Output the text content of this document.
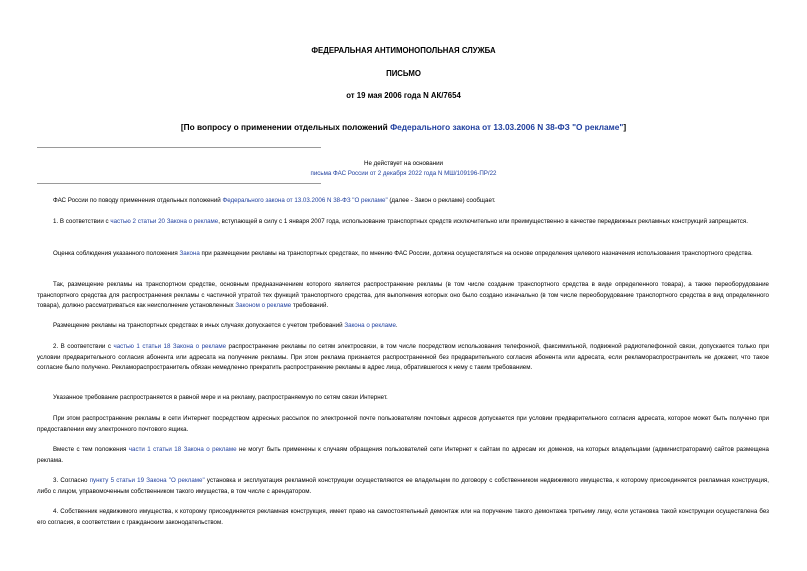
ФЕДЕРАЛЬНАЯ АНТИМОНОПОЛЬНАЯ СЛУЖБА
ПИСЬМО
от 19 мая 2006 года N АК/7654
[По вопросу о применении отдельных положений Федерального закона от 13.03.2006 N 38-ФЗ "О рекламе"]
Не действует на основании
письма ФАС России от 2 декабря 2022 года N МШ/109196-ПР/22
ФАС России по поводу применения отдельных положений Федерального закона от 13.03.2006 N 38-ФЗ "О рекламе" (далее - Закон о рекламе) сообщает.
1. В соответствии с частью 2 статьи 20 Закона о рекламе, вступающей в силу с 1 января 2007 года, использование транспортных средств исключительно или преимущественно в качестве передвижных рекламных конструкций запрещается.
Оценка соблюдения указанного положения Закона при размещении рекламы на транспортных средствах, по мнению ФАС России, должна осуществляться на основе определения целевого назначения использования транспортного средства.
Так, размещение рекламы на транспортном средстве, основным предназначением которого является распространение рекламы (в том числе создание транспортного средства в виде определенного товара), а также переоборудование транспортного средства для распространения рекламы с частичной утратой тех функций транспортного средства, для выполнения которых оно было создано изначально (в том числе переоборудование транспортного средства в вид определенного товара), должно рассматриваться как неисполнение установленных Законом о рекламе требований.
Размещение рекламы на транспортных средствах в иных случаях допускается с учетом требований Закона о рекламе.
2. В соответствии с частью 1 статьи 18 Закона о рекламе распространение рекламы по сетям электросвязи, в том числе посредством использования телефонной, факсимильной, подвижной радиотелефонной связи, допускается только при условии предварительного согласия абонента или адресата на получение рекламы. При этом реклама признается распространенной без предварительного согласия абонента или адресата, если рекламораспространитель не докажет, что такое согласие было получено. Рекламораспространитель обязан немедленно прекратить распространение рекламы в адрес лица, обратившегося к нему с таким требованием.
Указанное требование распространяется в равной мере и на рекламу, распространяемую по сетям связи Интернет.
При этом распространение рекламы в сети Интернет посредством адресных рассылок по электронной почте пользователям почтовых адресов допускается при условии предварительного согласия адресата, которое может быть получено при предоставлении ему электронного почтового ящика.
Вместе с тем положения части 1 статьи 18 Закона о рекламе не могут быть применены к случаям обращения пользователей сети Интернет к сайтам по адресам их доменов, на которых владельцами (администраторами) сайтов размещена реклама.
3. Согласно пункту 5 статьи 19 Закона "О рекламе" установка и эксплуатация рекламной конструкции осуществляются ее владельцем по договору с собственником недвижимого имущества, к которому присоединяется рекламная конструкция, либо с лицом, управомоченным собственником такого имущества, в том числе с арендатором.
4. Собственник недвижимого имущества, к которому присоединяется рекламная конструкция, имеет право на самостоятельный демонтаж или на поручение такого демонтажа третьему лицу, если установка такой конструкции осуществлена без его согласия, в соответствии с гражданским законодательством.
